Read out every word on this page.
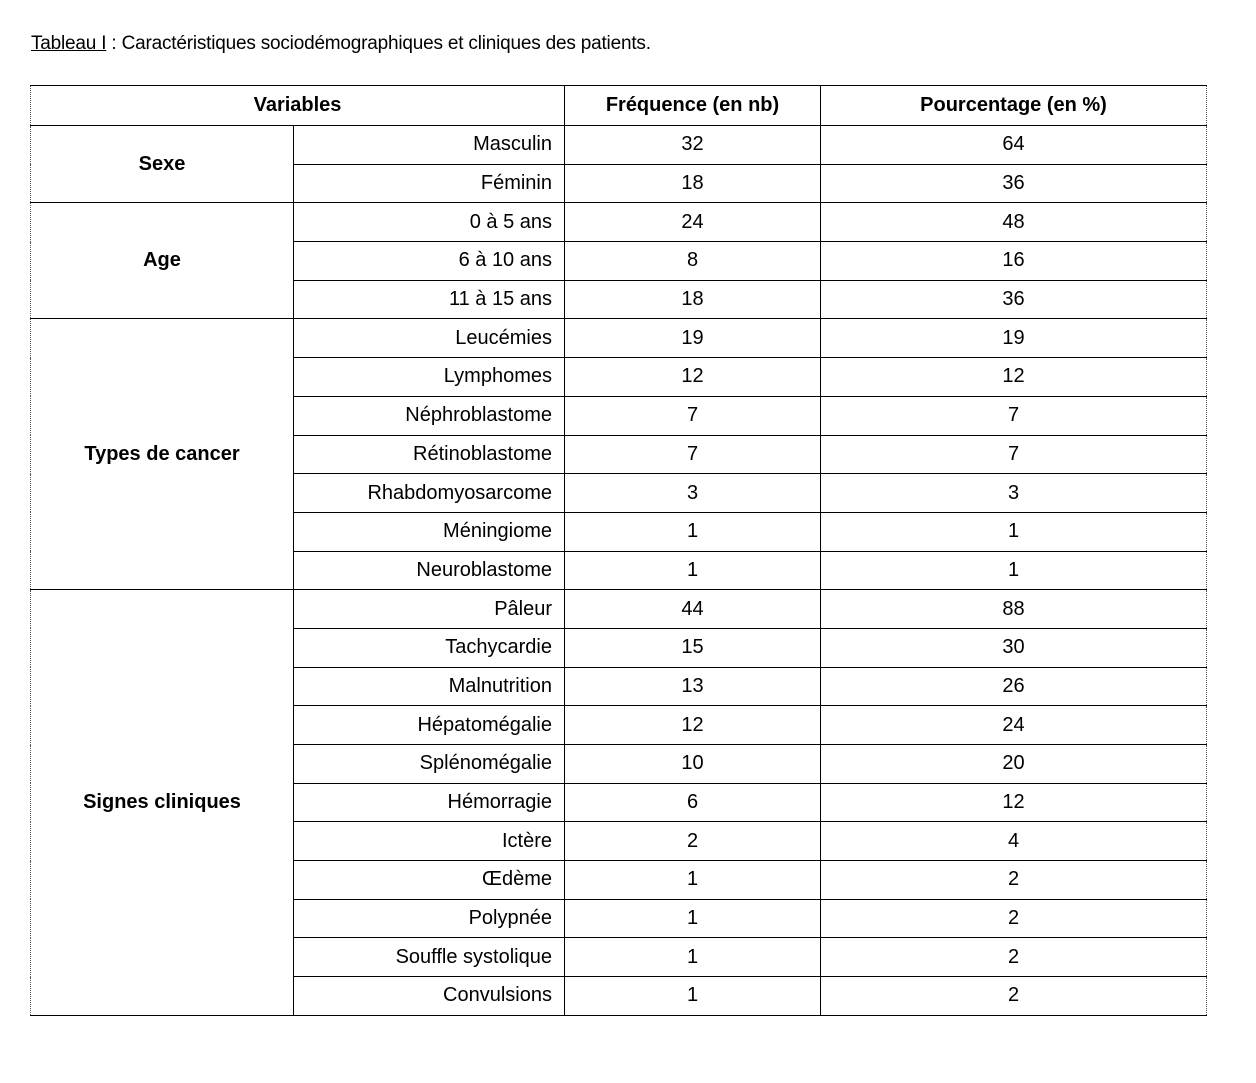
Tableau I : Caractéristiques sociodémographiques et cliniques des patients.
Variables		Fréquence (en nb)	Pourcentage (en %)
Sexe	Masculin	32	64
	Féminin	18	36
Age	0 à 5 ans	24	48
	6 à 10 ans	8	16
	11 à 15 ans	18	36
Types de cancer	Leucémies	19	19
	Lymphomes	12	12
	Néphroblastome	7	7
	Rétinoblastome	7	7
	Rhabdomyosarcome	3	3
	Méningiome	1	1
	Neuroblastome	1	1
Signes cliniques	Pâleur	44	88
	Tachycardie	15	30
	Malnutrition	13	26
	Hépatomégalie	12	24
	Splénomégalie	10	20
	Hémorragie	6	12
	Ictère	2	4
	Œdème	1	2
	Polypnée	1	2
	Souffle systolique	1	2
	Convulsions	1	2
